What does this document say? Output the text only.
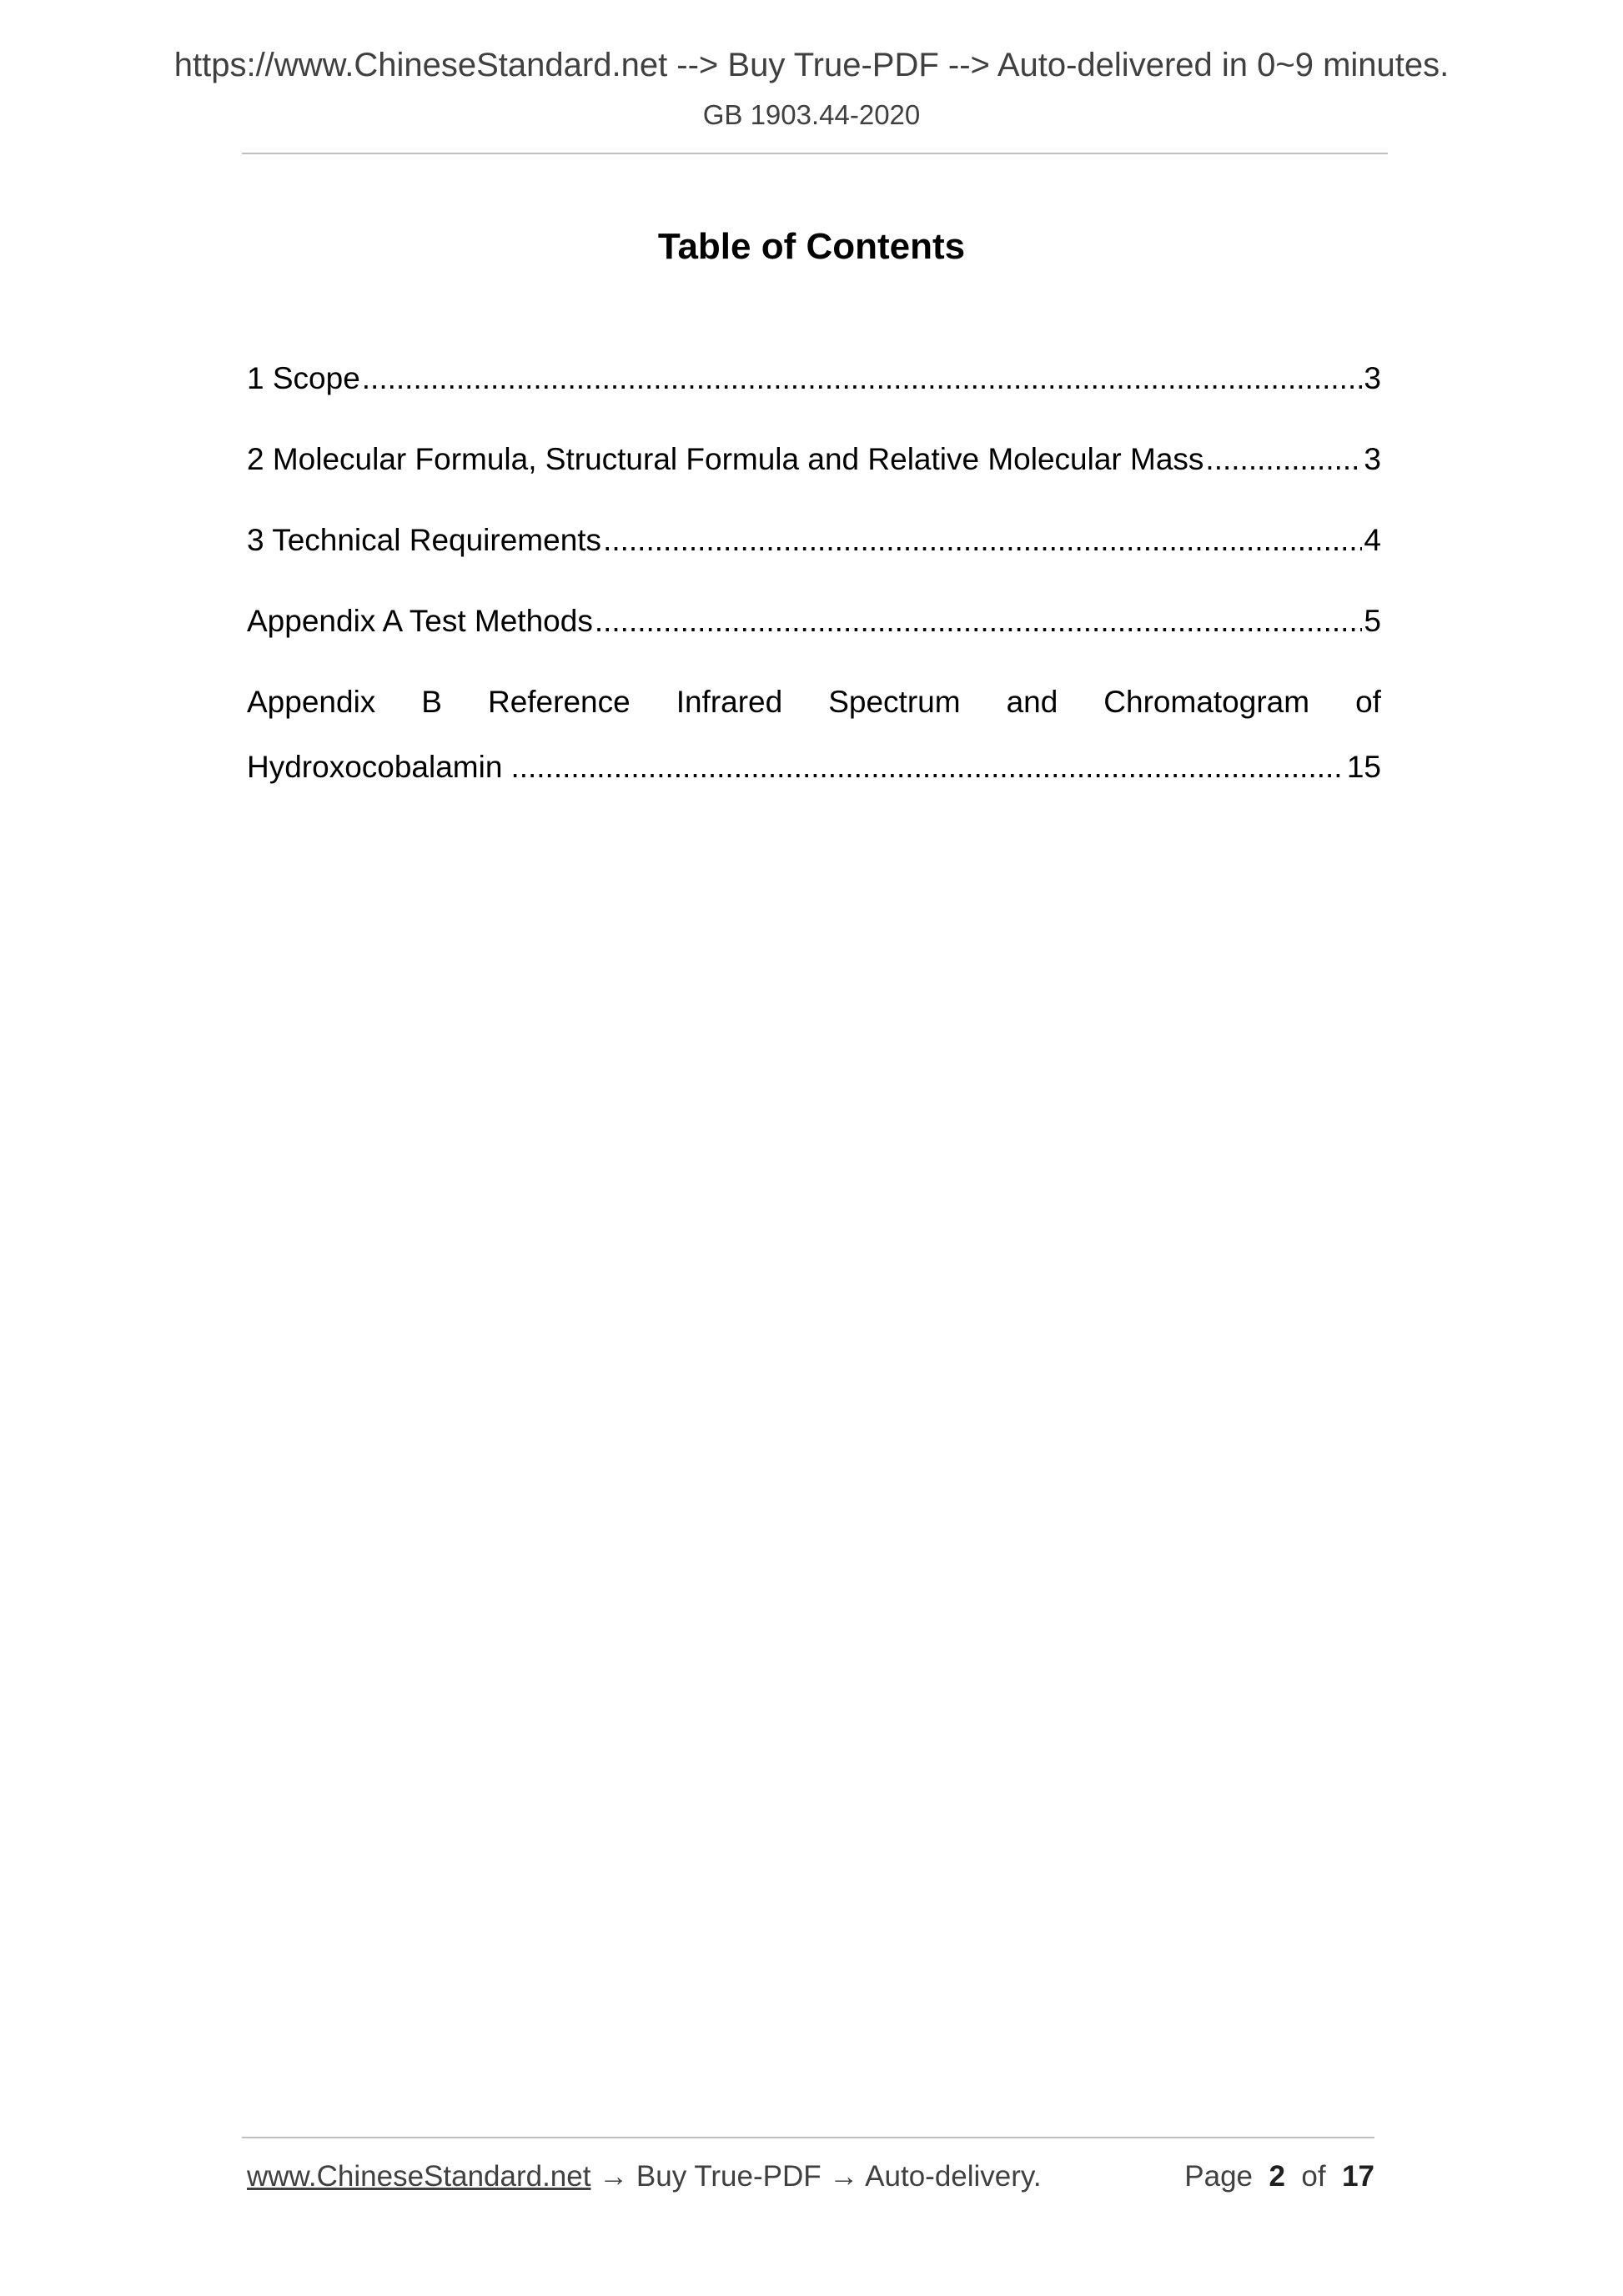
https://www.ChineseStandard.net --> Buy True-PDF --> Auto-delivered in 0~9 minutes.
GB 1903.44-2020
Table of Contents
1 Scope .....	3
2 Molecular Formula, Structural Formula and Relative Molecular Mass .....	3
3 Technical Requirements .....	4
Appendix A Test Methods .....	5
Appendix B Reference Infrared Spectrum and Chromatogram of
Hydroxocobalamin .....	15
www.ChineseStandard.net → Buy True-PDF → Auto-delivery.	Page 2 of 17
